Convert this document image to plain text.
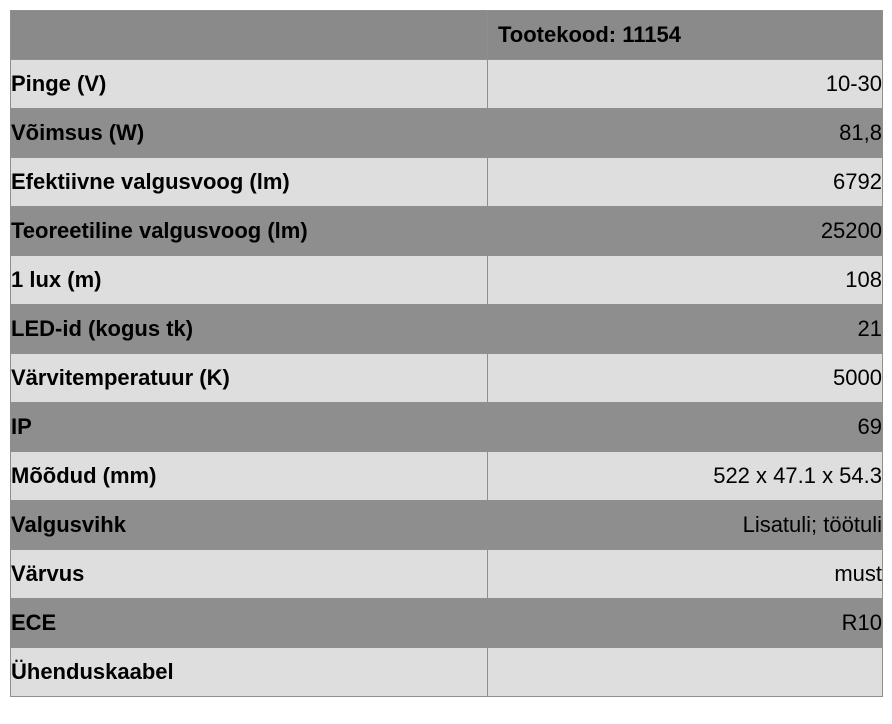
	Tootekood: 11154
Pinge (V)	10-30
Võimsus (W)	81,8
Efektiivne valgusvoog (lm)	6792
Teoreetiline valgusvoog (lm)	25200
1 lux (m)	108
LED-id (kogus tk)	21
Värvitemperatuur (K)	5000
IP	69
Mõõdud (mm)	522 x 47.1 x 54.3
Valgusvihk	Lisatuli; töötuli
Värvus	must
ECE	R10
Ühenduskaabel	
